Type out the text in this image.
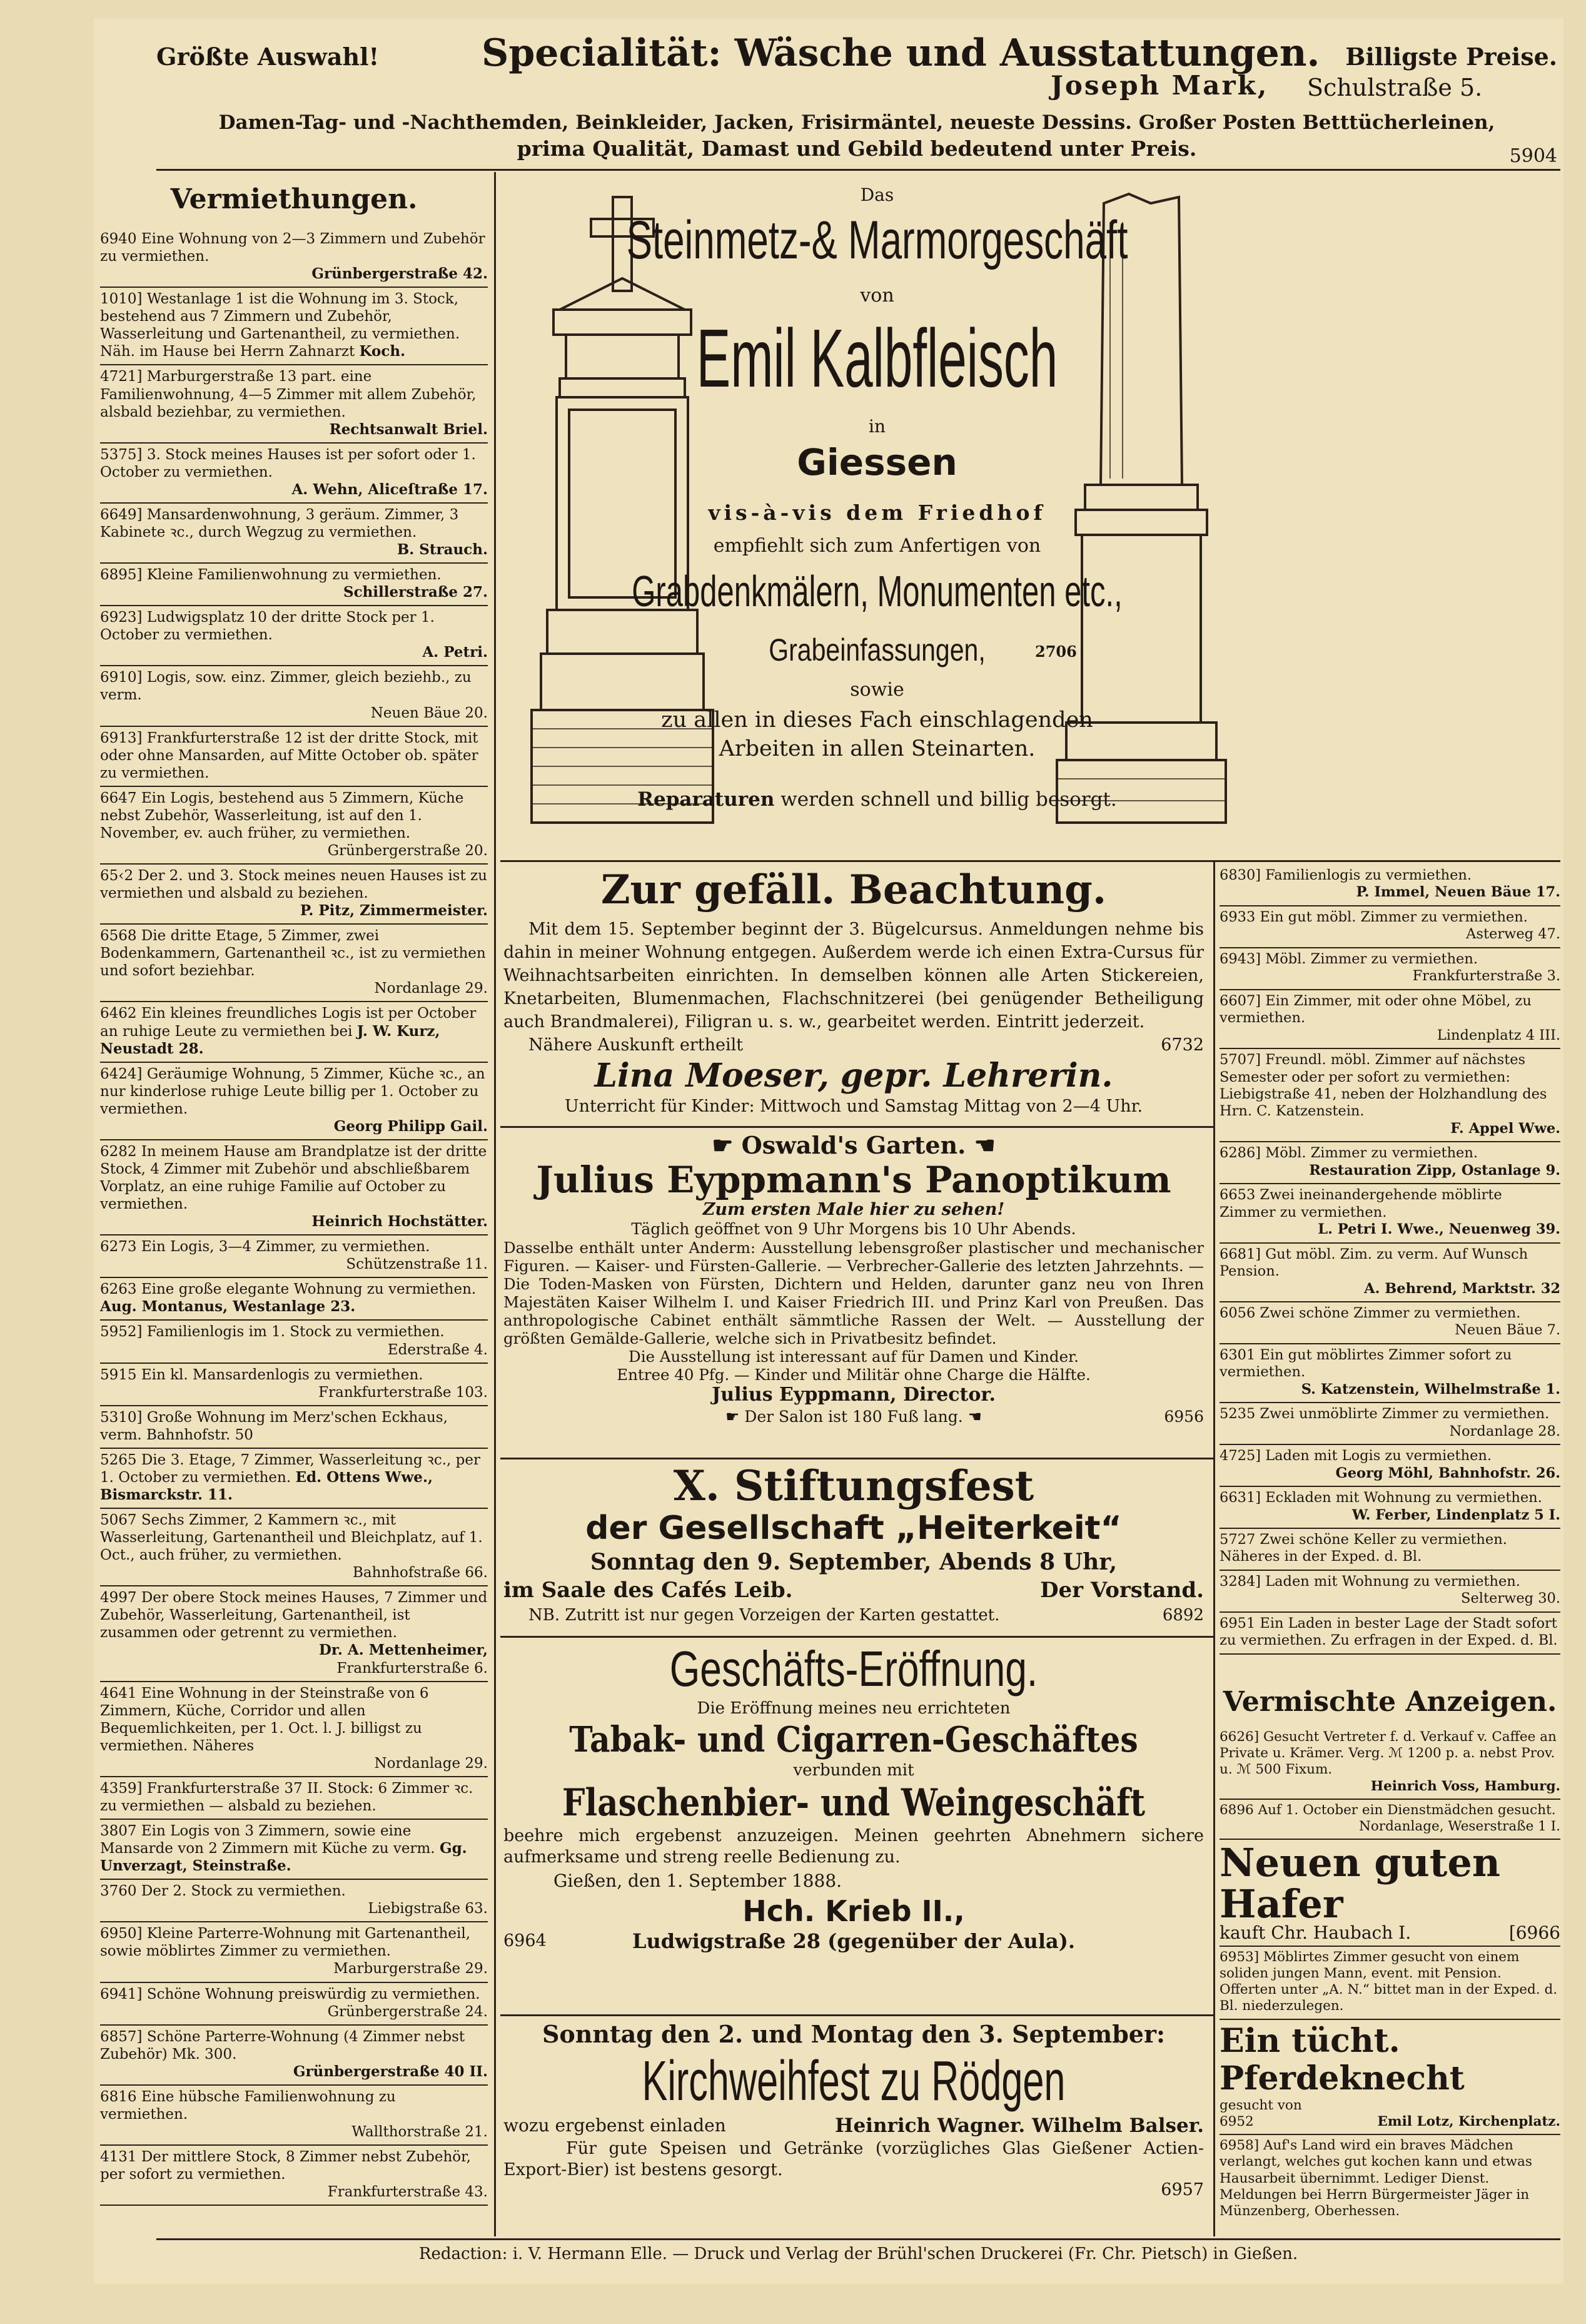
Größte Auswahl!	Specialität: Wäsche und Ausstattungen. Billigste Preise.
Joseph Mark, Schulstraße 5.
Damen-Tag- und -Nachthemden, Beinkleider, Jacken, Frisirmäntel, neueste Dessins. Großer Posten Betttücherleinen,
prima Qualität, Damast und Gebild bedeutend unter Preis.	5904
Vermiethungen.
6940 Eine Wohnung von 2—3 Zimmern und Zubehör zu vermiethen.
Grünbergerstraße 42.
1010] Westanlage 1 ist die Wohnung im 3. Stock, bestehend aus 7 Zimmern und Zubehör, Wasserleitung und Gartenantheil, zu vermiethen. Näh. im Hause bei Herrn Zahnarzt Koch.
4721] Marburgerstraße 13 part. eine Familienwohnung, 4—5 Zimmer mit allem Zubehör, alsbald beziehbar, zu vermiethen.
Rechtsanwalt Briel.
5375] 3. Stock meines Hauses ist per sofort oder 1. October zu vermiethen.
A. Wehn, Aliceſtraße 17.
6649] Mansardenwohnung, 3 geräum. Zimmer, 3 Kabinete ꝛc., durch Wegzug zu vermiethen.
B. Strauch.
6895] Kleine Familienwohnung zu vermiethen.
Schillerstraße 27.
6923] Ludwigsplatz 10 der dritte Stock per 1. October zu vermiethen.
A. Petri.
6910] Logis, sow. einz. Zimmer, gleich beziehb., zu verm.
Neuen Bäue 20.
6913] Frankfurterstraße 12 ist der dritte Stock, mit oder ohne Mansarden, auf Mitte October ob. später zu vermiethen.
6647 Ein Logis, bestehend aus 5 Zimmern, Küche nebst Zubehör, Wasserleitung, ist auf den 1. November, ev. auch früher, zu vermiethen.
Grünbergerstraße 20.
65‹2 Der 2. und 3. Stock meines neuen Hauses ist zu vermiethen und alsbald zu beziehen.
P. Pitz, Zimmermeister.
6568 Die dritte Etage, 5 Zimmer, zwei Bodenkammern, Gartenantheil ꝛc., ist zu vermiethen und sofort beziehbar.
Nordanlage 29.
6462 Ein kleines freundliches Logis ist per October an ruhige Leute zu vermiethen bei J. W. Kurz, Neustadt 28.
6424] Geräumige Wohnung, 5 Zimmer, Küche ꝛc., an nur kinderlose ruhige Leute billig per 1. October zu vermiethen.
Georg Philipp Gail.
6282 In meinem Hause am Brandplatze ist der dritte Stock, 4 Zimmer mit Zubehör und abschließbarem Vorplatz, an eine ruhige Familie auf October zu vermiethen.
Heinrich Hochstätter.
6273 Ein Logis, 3—4 Zimmer, zu vermiethen.
Schützenstraße 11.
6263 Eine große elegante Wohnung zu vermiethen. Aug. Montanus, Westanlage 23.
5952] Familienlogis im 1. Stock zu vermiethen.
Ederstraße 4.
5915 Ein kl. Mansardenlogis zu vermiethen.
Frankfurterstraße 103.
5310] Große Wohnung im Merz'schen Eckhaus, verm. Bahnhofstr. 50
5265 Die 3. Etage, 7 Zimmer, Wasserleitung ꝛc., per 1. October zu vermiethen. Ed. Ottens Wwe., Bismarckstr. 11.
5067 Sechs Zimmer, 2 Kammern ꝛc., mit Wasserleitung, Gartenantheil und Bleichplatz, auf 1. Oct., auch früher, zu vermiethen.
Bahnhofstraße 66.
4997 Der obere Stock meines Hauses, 7 Zimmer und Zubehör, Wasserleitung, Gartenantheil, ist zusammen oder getrennt zu vermiethen.
Dr. A. Mettenheimer,
Frankfurterstraße 6.
4641 Eine Wohnung in der Steinstraße von 6 Zimmern, Küche, Corridor und allen Bequemlichkeiten, per 1. Oct. l. J. billigst zu vermiethen. Näheres
Nordanlage 29.
4359] Frankfurterstraße 37 II. Stock: 6 Zimmer ꝛc. zu vermiethen — alsbald zu beziehen.
3807 Ein Logis von 3 Zimmern, sowie eine Mansarde von 2 Zimmern mit Küche zu verm. Gg. Unverzagt, Steinstraße.
3760 Der 2. Stock zu vermiethen.
Liebigstraße 63.
6950] Kleine Parterre-Wohnung mit Gartenantheil, sowie möblirtes Zimmer zu vermiethen.
Marburgerstraße 29.
6941] Schöne Wohnung preiswürdig zu vermiethen.
Grünbergerstraße 24.
6857] Schöne Parterre-Wohnung (4 Zimmer nebst Zubehör) Mk. 300.
Grünbergerstraße 40 II.
6816 Eine hübsche Familienwohnung zu vermiethen.
Wallthorstraße 21.
4131 Der mittlere Stock, 8 Zimmer nebst Zubehör, per sofort zu vermiethen.
Frankfurterstraße 43.
Das
Steinmetz-& Marmorgeschäft
von
Emil Kalbfleisch
in
Giessen
vis-à-vis dem Friedhof
empfiehlt sich zum Anfertigen von
Grabdenkmälern, Monumenten etc.,
Grabeinfassungen,	2706
sowie
zu allen in dieses Fach einschlagenden
Arbeiten in allen Steinarten.
Reparaturen werden schnell und billig besorgt.
Zur gefäll. Beachtung.
Mit dem 15. September beginnt der 3. Bügelcursus. Anmeldungen nehme bis dahin in meiner Wohnung entgegen. Außerdem werde ich einen Extra-Cursus für Weihnachtsarbeiten einrichten. In demselben können alle Arten Stickereien, Knetarbeiten, Blumenmachen, Flachschnitzerei (bei genügender Betheiligung auch Brandmalerei), Filigran u. s. w., gearbeitet werden. Eintritt jederzeit.
Nähere Auskunft ertheilt	6732
Lina Moeser, gepr. Lehrerin.
Unterricht für Kinder: Mittwoch und Samstag Mittag von 2—4 Uhr.
☛ Oswald's Garten. ☚
Julius Eyppmann's Panoptikum
Zum ersten Male hier zu sehen!
Täglich geöffnet von 9 Uhr Morgens bis 10 Uhr Abends.
Dasselbe enthält unter Anderm: Ausstellung lebensgroßer plastischer und mechanischer Figuren. — Kaiser- und Fürsten-Gallerie. — Verbrecher-Gallerie des letzten Jahrzehnts. — Die Toden-Masken von Fürsten, Dichtern und Helden, darunter ganz neu von Ihren Majestäten Kaiser Wilhelm I. und Kaiser Friedrich III. und Prinz Karl von Preußen. Das anthropologische Cabinet enthält sämmtliche Rassen der Welt. — Ausstellung der größten Gemälde-Gallerie, welche sich in Privatbesitz befindet.
Die Ausstellung ist interessant auf für Damen und Kinder.
Entree 40 Pfg. — Kinder und Militär ohne Charge die Hälfte.
Julius Eyppmann, Director.
☛ Der Salon ist 180 Fuß lang. ☚	6956
X. Stiftungsfest
der Gesellschaft „Heiterkeit“
Sonntag den 9. September, Abends 8 Uhr,
im Saale des Cafés Leib.	Der Vorstand.
NB. Zutritt ist nur gegen Vorzeigen der Karten gestattet.	6892
Geschäfts-Eröffnung.
Die Eröffnung meines neu errichteten
Tabak- und Cigarren-Geschäftes
verbunden mit
Flaschenbier- und Weingeschäft
beehre mich ergebenst anzuzeigen. Meinen geehrten Abnehmern sichere aufmerksame und streng reelle Bedienung zu.
Gießen, den 1. September 1888.
Hch. Krieb II.,
6964	Ludwigstraße 28 (gegenüber der Aula).
Sonntag den 2. und Montag den 3. September:
Kirchweihfest zu Rödgen
wozu ergebenst einladen	Heinrich Wagner. Wilhelm Balser.
Für gute Speisen und Getränke (vorzügliches Glas Gießener Actien-Export-Bier) ist bestens gesorgt.
6957
6830] Familienlogis zu vermiethen.
P. Immel, Neuen Bäue 17.
6933 Ein gut möbl. Zimmer zu vermiethen.
Asterweg 47.
6943] Möbl. Zimmer zu vermiethen.
Frankfurterstraße 3.
6607] Ein Zimmer, mit oder ohne Möbel, zu vermiethen.
Lindenplatz 4 III.
5707] Freundl. möbl. Zimmer auf nächstes Semester oder per sofort zu vermiethen: Liebigstraße 41, neben der Holzhandlung des Hrn. C. Katzenstein.
F. Appel Wwe.
6286] Möbl. Zimmer zu vermiethen.
Restauration Zipp, Ostanlage 9.
6653 Zwei ineinandergehende möblirte Zimmer zu vermiethen.
L. Petri I. Wwe., Neuenweg 39.
6681] Gut möbl. Zim. zu verm. Auf Wunsch Pension.
A. Behrend, Marktstr. 32
6056 Zwei schöne Zimmer zu vermiethen.
Neuen Bäue 7.
6301 Ein gut möblirtes Zimmer sofort zu vermiethen.
S. Katzenstein, Wilhelmstraße 1.
5235 Zwei unmöblirte Zimmer zu vermiethen.
Nordanlage 28.
4725] Laden mit Logis zu vermiethen.
Georg Möhl, Bahnhofstr. 26.
6631] Eckladen mit Wohnung zu vermiethen.
W. Ferber, Lindenplatz 5 I.
5727 Zwei schöne Keller zu vermiethen. Näheres in der Exped. d. Bl.
3284] Laden mit Wohnung zu vermiethen.
Selterweg 30.
6951 Ein Laden in bester Lage der Stadt sofort zu vermiethen. Zu erfragen in der Exped. d. Bl.
Vermischte Anzeigen.
6626] Gesucht Vertreter f. d. Verkauf v. Caffee an Private u. Krämer. Verg. ℳ 1200 p. a. nebst Prov. u. ℳ 500 Fixum.
Heinrich Voss, Hamburg.
6896 Auf 1. October ein Dienstmädchen gesucht.
Nordanlage, Weserstraße 1 I.
Neuen guten Hafer
kauft Chr. Haubach I.	[6966
6953] Möblirtes Zimmer gesucht von einem soliden jungen Mann, event. mit Pension. Offerten unter „A. N.“ bittet man in der Exped. d. Bl. niederzulegen.
Ein tücht. Pferdeknecht
gesucht von
6952	Emil Lotz, Kirchenplatz.
6958] Auf's Land wird ein braves Mädchen verlangt, welches gut kochen kann und etwas Hausarbeit übernimmt. Lediger Dienst. Meldungen bei Herrn Bürgermeister Jäger in Münzenberg, Oberhessen.
Redaction: i. V. Hermann Elle. — Druck und Verlag der Brühl'schen Druckerei (Fr. Chr. Pietsch) in Gießen.
